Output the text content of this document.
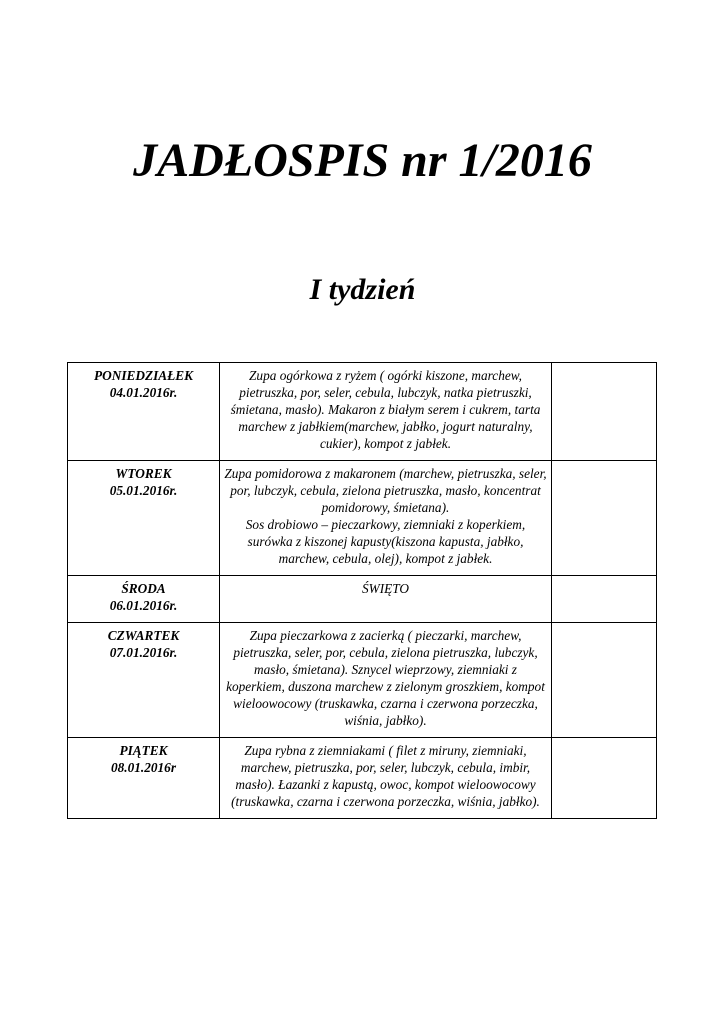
JADŁOSPIS nr 1/2016
I tydzień
PONIEDZIAŁEK
04.01.2016r.	Zupa ogórkowa z ryżem ( ogórki kiszone, marchew, pietruszka, por, seler, cebula, lubczyk, natka pietruszki, śmietana, masło). Makaron z białym serem i cukrem, tarta marchew z jabłkiem(marchew, jabłko, jogurt naturalny, cukier), kompot z jabłek.	

WTOREK
05.01.2016r.	Zupa pomidorowa z makaronem (marchew, pietruszka, seler, por, lubczyk, cebula, zielona pietruszka, masło, koncentrat pomidorowy, śmietana).
Sos drobiowo – pieczarkowy, ziemniaki z koperkiem, surówka z kiszonej kapusty(kiszona kapusta, jabłko, marchew, cebula, olej), kompot z jabłek.	

ŚRODA
06.01.2016r.	ŚWIĘTO	

CZWARTEK
07.01.2016r.	Zupa pieczarkowa z zacierką ( pieczarki, marchew, pietruszka, seler, por, cebula, zielona pietruszka, lubczyk, masło, śmietana). Sznycel wieprzowy, ziemniaki z koperkiem, duszona marchew z zielonym groszkiem, kompot wieloowocowy (truskawka, czarna i czerwona porzeczka, wiśnia, jabłko).	

PIĄTEK
08.01.2016r	Zupa rybna z ziemniakami ( filet z miruny, ziemniaki, marchew, pietruszka, por, seler, lubczyk, cebula, imbir, masło). Łazanki z kapustą, owoc, kompot wieloowocowy (truskawka, czarna i czerwona porzeczka, wiśnia, jabłko).	
